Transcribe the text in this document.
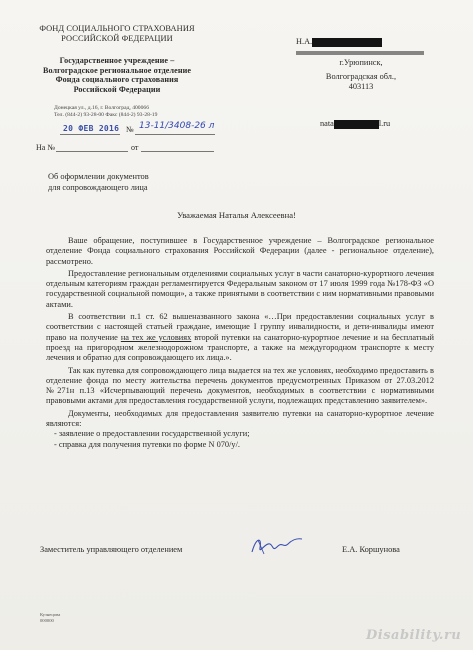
ФОНД СОЦИАЛЬНОГО СТРАХОВАНИЯ
РОССИЙСКОЙ ФЕДЕРАЦИИ
Государственное учреждение –
Волгоградское региональное отделение
Фонда социального страхования
Российской Федерации
Донецкая ул., д.16, г. Волгоград, 400066
Тел. (844-2) 93-28-00 Факс (844-2) 93-28-19
20 ФЕВ 2016 № 13-11/3408-26 л
На №	от
Н.А.
г.Урюпинск,
Волгоградская обл.,
403113
nata	l.ru
Об оформлении документов
для сопровождающего лица
Уважаемая Наталья Алексеевна!

Ваше обращение, поступившее в Государственное учреждение – Волгоградское региональное отделение Фонда социального страхования Российской Федерации (далее - региональное отделение), рассмотрено.

Предоставление региональным отделениями социальных услуг в части санаторно-курортного лечения отдельным категориям граждан регламентируется Федеральным законом от 17 июля 1999 года №178-ФЗ «О государственной социальной помощи», а также принятыми в соответствии с ним нормативными правовыми актами.

В соответствии п.1 ст. 62 вышеназванного закона «…При предоставлении социальных услуг в соответствии с настоящей статьей граждане, имеющие I группу инвалидности, и дети-инвалиды имеют право на получение на тех же условиях второй путевки на санаторно-курортное лечение и на бесплатный проезд на пригородном железнодорожном транспорте, а также на междугородном транспорте к месту лечения и обратно для сопровождающего их лица.».

Так как путевка для сопровождающего лица выдается на тех же условиях, необходимо предоставить в отделение фонда по месту жительства перечень документов предусмотренных Приказом от 27.03.2012 №271н п.13 «Исчерпывающий перечень документов, необходимых в соответствии с нормативными правовыми актами для предоставления государственной услуги, подлежащих представлению заявителем».

Документы, необходимых для предоставления заявителю путевки на санаторно-курортное лечение являются:

- заявление о предоставлении государственной услуги;
- справка для получения путевки по форме N 070/у/.
Заместитель управляющего отделением	Е.А. Коршунова
Кузнецова
000000
Disability.ru
